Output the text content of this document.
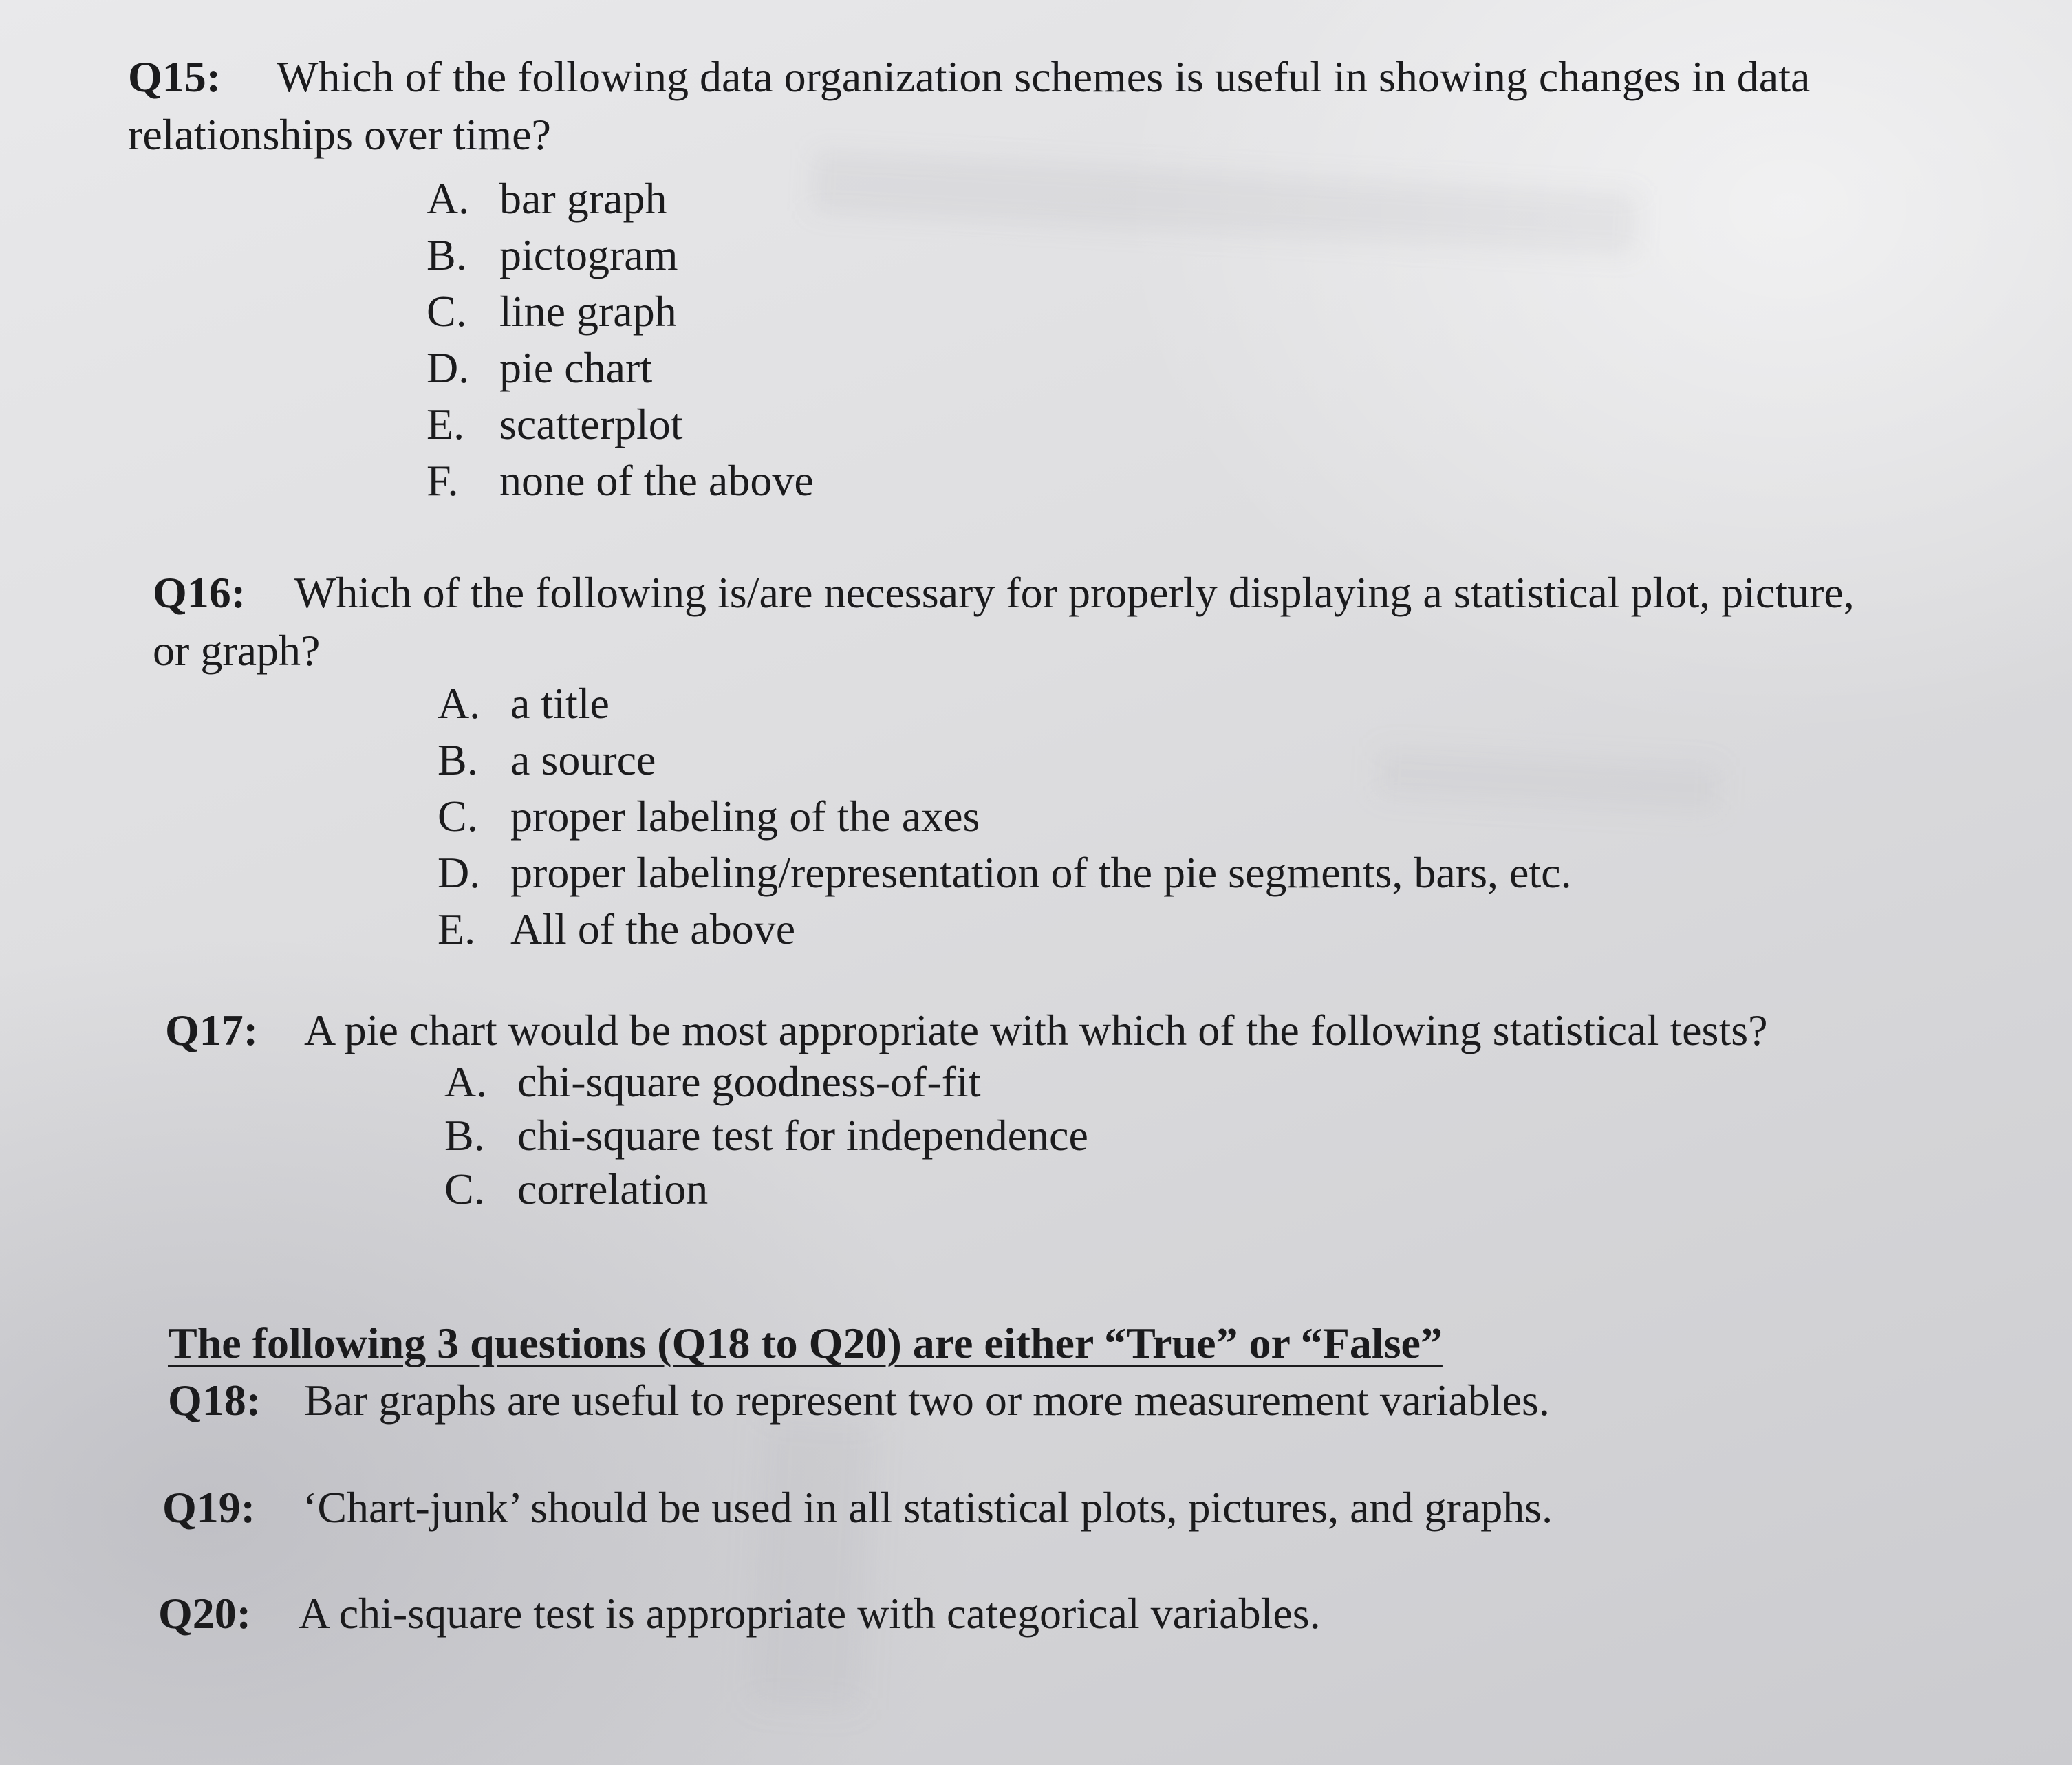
Q15: Which of the following data organization schemes is useful in showing changes in data
relationships over time?
A. bar graph
B. pictogram
C. line graph
D. pie chart
E. scatterplot
F. none of the above
Q16: Which of the following is/are necessary for properly displaying a statistical plot, picture,
or graph?
A. a title
B. a source
C. proper labeling of the axes
D. proper labeling/representation of the pie segments, bars, etc.
E. All of the above
Q17: A pie chart would be most appropriate with which of the following statistical tests?
A. chi-square goodness-of-fit
B. chi-square test for independence
C. correlation
The following 3 questions (Q18 to Q20) are either “True” or “False”
Q18: Bar graphs are useful to represent two or more measurement variables.
Q19: ‘Chart-junk’ should be used in all statistical plots, pictures, and graphs.
Q20: A chi-square test is appropriate with categorical variables.
